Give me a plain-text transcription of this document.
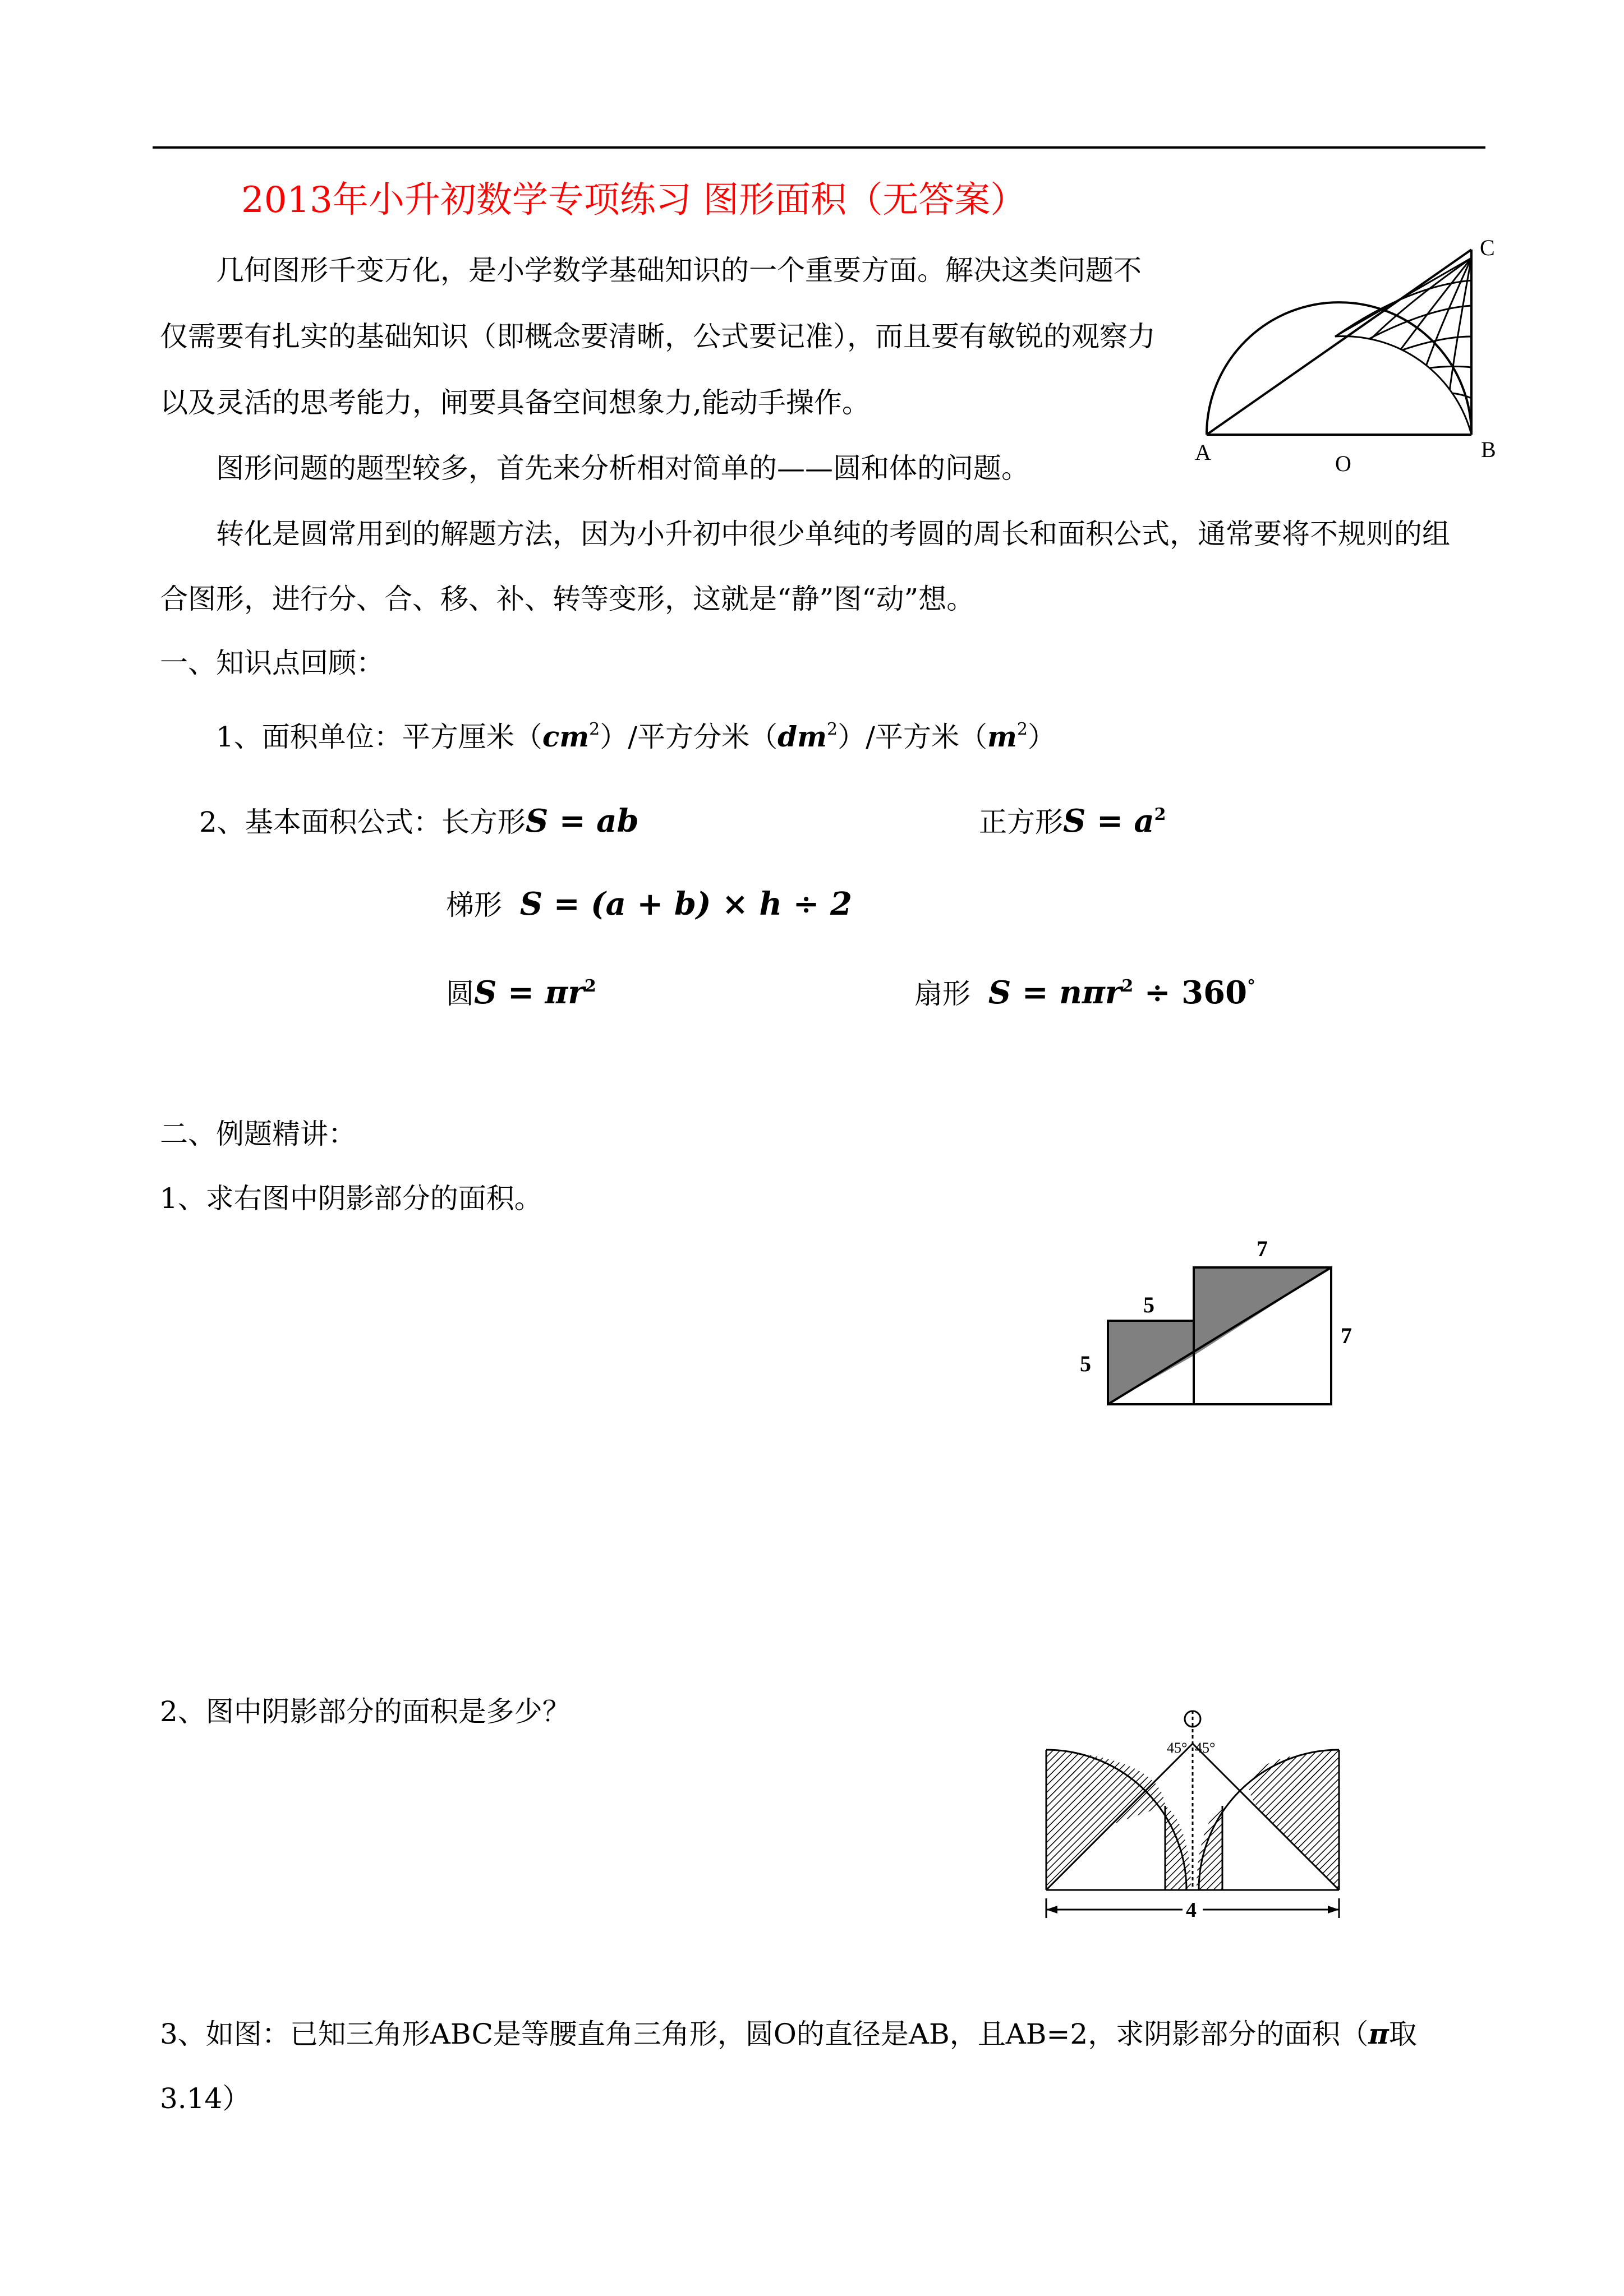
2013年小升初数学专项练习 图形面积（无答案）
几何图形千变万化，是小学数学基础知识的一个重要方面。解决这类问题不
仅需要有扎实的基础知识（即概念要清晰，公式要记准），而且要有敏锐的观察力
以及灵活的思考能力，闸要具备空间想象力,能动手操作。
图形问题的题型较多，首先来分析相对简单的——圆和体的问题。
转化是圆常用到的解题方法，因为小升初中很少单纯的考圆的周长和面积公式，通常要将不规则的组
合图形，进行分、合、移、补、转等变形，这就是“静”图“动”想。
一、知识点回顾：
1、面积单位：平方厘米$(cm^2)/$平方分米$(dm^2)/$平方米$(m^2)$
2、基本面积公式：长方形S = ab	正方形$S = a^2$
梯形 S = (a + b) × h ÷ 2
圆$S = \pi r^2$	扇形 S = nπr$^2$ ÷ 360°
二、例题精讲：
1、求右图中阴影部分的面积。
2、图中阴影部分的面积是多少？
3、如图：已知三角形ABC是等腰直角三角形，圆O的直径是AB，且AB=2，求阴影部分的面积（π取
3.14）
A	O
B
C
7
5
5
7
45° 45°
4
